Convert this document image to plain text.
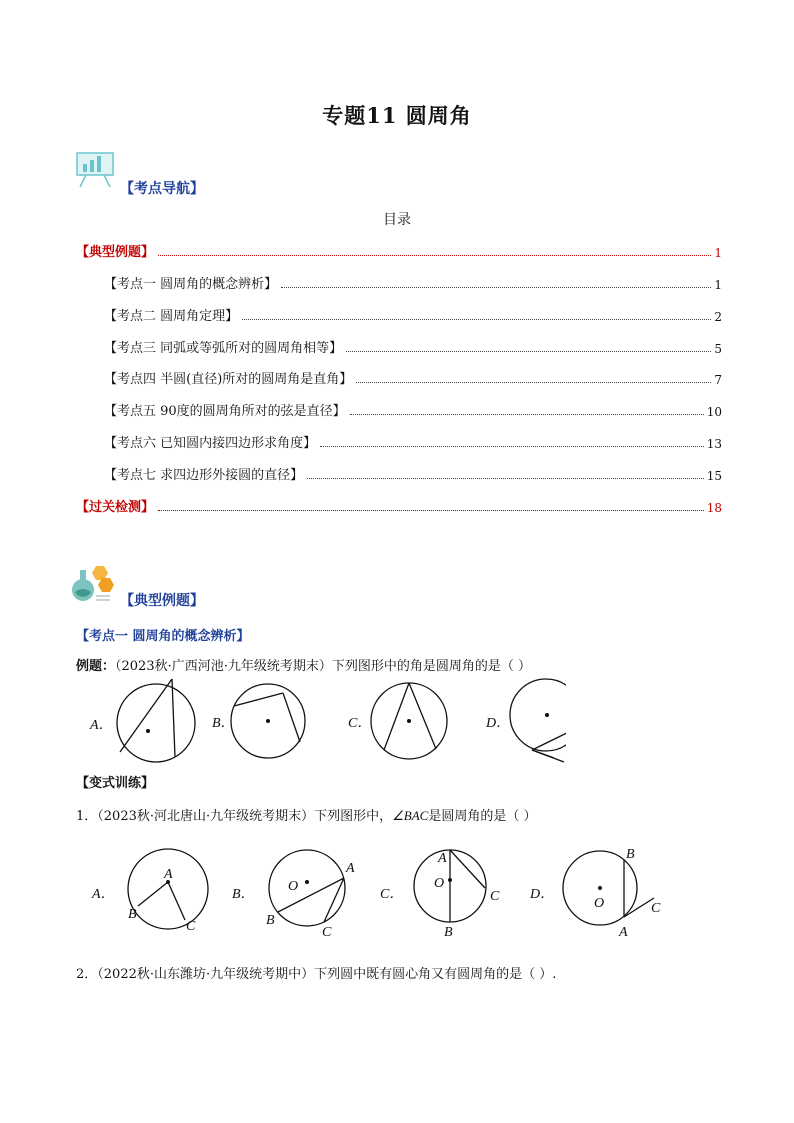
专题11 圆周角
【考点导航】
目录
【典型例题】	1
【考点一 圆周角的概念辨析】	1
【考点二 圆周角定理】	2
【考点三 同弧或等弧所对的圆周角相等】	5
【考点四 半圆(直径)所对的圆周角是直角】	7
【考点五 90度的圆周角所对的弦是直径】	10
【考点六 已知圆内接四边形求角度】	13
【考点七 求四边形外接圆的直径】	15
【过关检测】	18
【典型例题】
【考点一 圆周角的概念辨析】
例题：（2023秋·广西河池·九年级统考期末）下列图形中的角是圆周角的是（ ）
A．	B．	C．	D．
【变式训练】
1．（2023秋·河北唐山·九年级统考期末）下列图形中，∠BAC是圆周角的是（ ）
A．
A
B
C
B．
O
A
B
C
C．
A
O
B
C D．
B
O
A
C
2．（2022秋·山东潍坊·九年级统考期中）下列圆中既有圆心角又有圆周角的是（ ）.
